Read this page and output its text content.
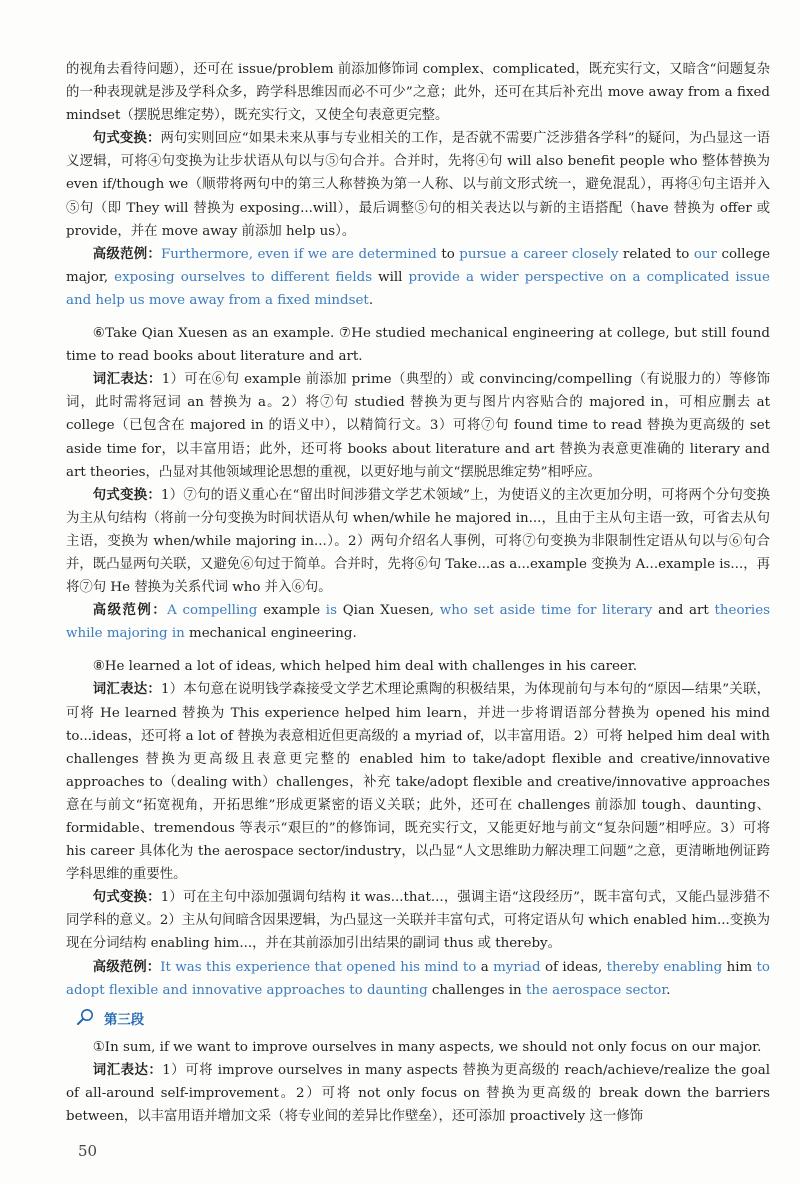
的视角去看待问题），还可在 issue/problem 前添加修饰词 complex、complicated，既充实行文，又暗含“问题复杂的一种表现就是涉及学科众多，跨学科思维因而必不可少”之意；此外，还可在其后补充出 move away from a fixed mindset（摆脱思维定势），既充实行文，又使全句表意更完整。

句式变换：两句实则回应“如果未来从事与专业相关的工作，是否就不需要广泛涉猎各学科”的疑问，为凸显这一语义逻辑，可将④句变换为让步状语从句以与⑤句合并。合并时，先将④句 will also benefit people who 整体替换为 even if/though we（顺带将两句中的第三人称替换为第一人称、以与前文形式统一，避免混乱），再将④句主语并入⑤句（即 They will 替换为 exposing...will），最后调整⑤句的相关表达以与新的主语搭配（have 替换为 offer 或 provide，并在 move away 前添加 help us）。

高级范例：Furthermore, even if we are determined to pursue a career closely related to our college major, exposing ourselves to different fields will provide a wider perspective on a complicated issue and help us move away from a fixed mindset.

⑥Take Qian Xuesen as an example. ⑦He studied mechanical engineering at college, but still found time to read books about literature and art.

词汇表达：1）可在⑥句 example 前添加 prime（典型的）或 convincing/compelling（有说服力的）等修饰词，此时需将冠词 an 替换为 a。2）将⑦句 studied 替换为更与图片内容贴合的 majored in，可相应删去 at college（已包含在 majored in 的语义中），以精简行文。3）可将⑦句 found time to read 替换为更高级的 set aside time for，以丰富用语；此外，还可将 books about literature and art 替换为表意更准确的 literary and art theories，凸显对其他领域理论思想的重视，以更好地与前文“摆脱思维定势”相呼应。

句式变换：1）⑦句的语义重心在“留出时间涉猎文学艺术领域”上，为使语义的主次更加分明，可将两个分句变换为主从句结构（将前一分句变换为时间状语从句 when/while he majored in...，且由于主从句主语一致，可省去从句主语，变换为 when/while majoring in...）。2）两句介绍名人事例，可将⑦句变换为非限制性定语从句以与⑥句合并，既凸显两句关联，又避免⑥句过于简单。合并时，先将⑥句 Take...as a...example 变换为 A...example is...，再将⑦句 He 替换为关系代词 who 并入⑥句。

高级范例：A compelling example is Qian Xuesen, who set aside time for literary and art theories while majoring in mechanical engineering.

⑧He learned a lot of ideas, which helped him deal with challenges in his career.

词汇表达：1）本句意在说明钱学森接受文学艺术理论熏陶的积极结果，为体现前句与本句的“原因—结果”关联，可将 He learned 替换为 This experience helped him learn，并进一步将谓语部分替换为 opened his mind to...ideas，还可将 a lot of 替换为表意相近但更高级的 a myriad of，以丰富用语。2）可将 helped him deal with challenges 替换为更高级且表意更完整的 enabled him to take/adopt flexible and creative/innovative approaches to（dealing with）challenges，补充 take/adopt flexible and creative/innovative approaches 意在与前文“拓宽视角，开拓思维”形成更紧密的语义关联；此外，还可在 challenges 前添加 tough、daunting、formidable、tremendous 等表示“艰巨的”的修饰词，既充实行文，又能更好地与前文“复杂问题”相呼应。3）可将 his career 具体化为 the aerospace sector/industry，以凸显“人文思维助力解决理工问题”之意，更清晰地例证跨学科思维的重要性。

句式变换：1）可在主句中添加强调句结构 it was...that...，强调主语“这段经历”，既丰富句式，又能凸显涉猎不同学科的意义。2）主从句间暗含因果逻辑，为凸显这一关联并丰富句式，可将定语从句 which enabled him...变换为现在分词结构 enabling him...，并在其前添加引出结果的副词 thus 或 thereby。

高级范例：It was this experience that opened his mind to a myriad of ideas, thereby enabling him to adopt flexible and innovative approaches to daunting challenges in the aerospace sector.

第三段

①In sum, if we want to improve ourselves in many aspects, we should not only focus on our major.

词汇表达：1）可将 improve ourselves in many aspects 替换为更高级的 reach/achieve/realize the goal of all-around self-improvement。2）可将 not only focus on 替换为更高级的 break down the barriers between，以丰富用语并增加文采（将专业间的差异比作壁垒），还可添加 proactively 这一修饰

50
